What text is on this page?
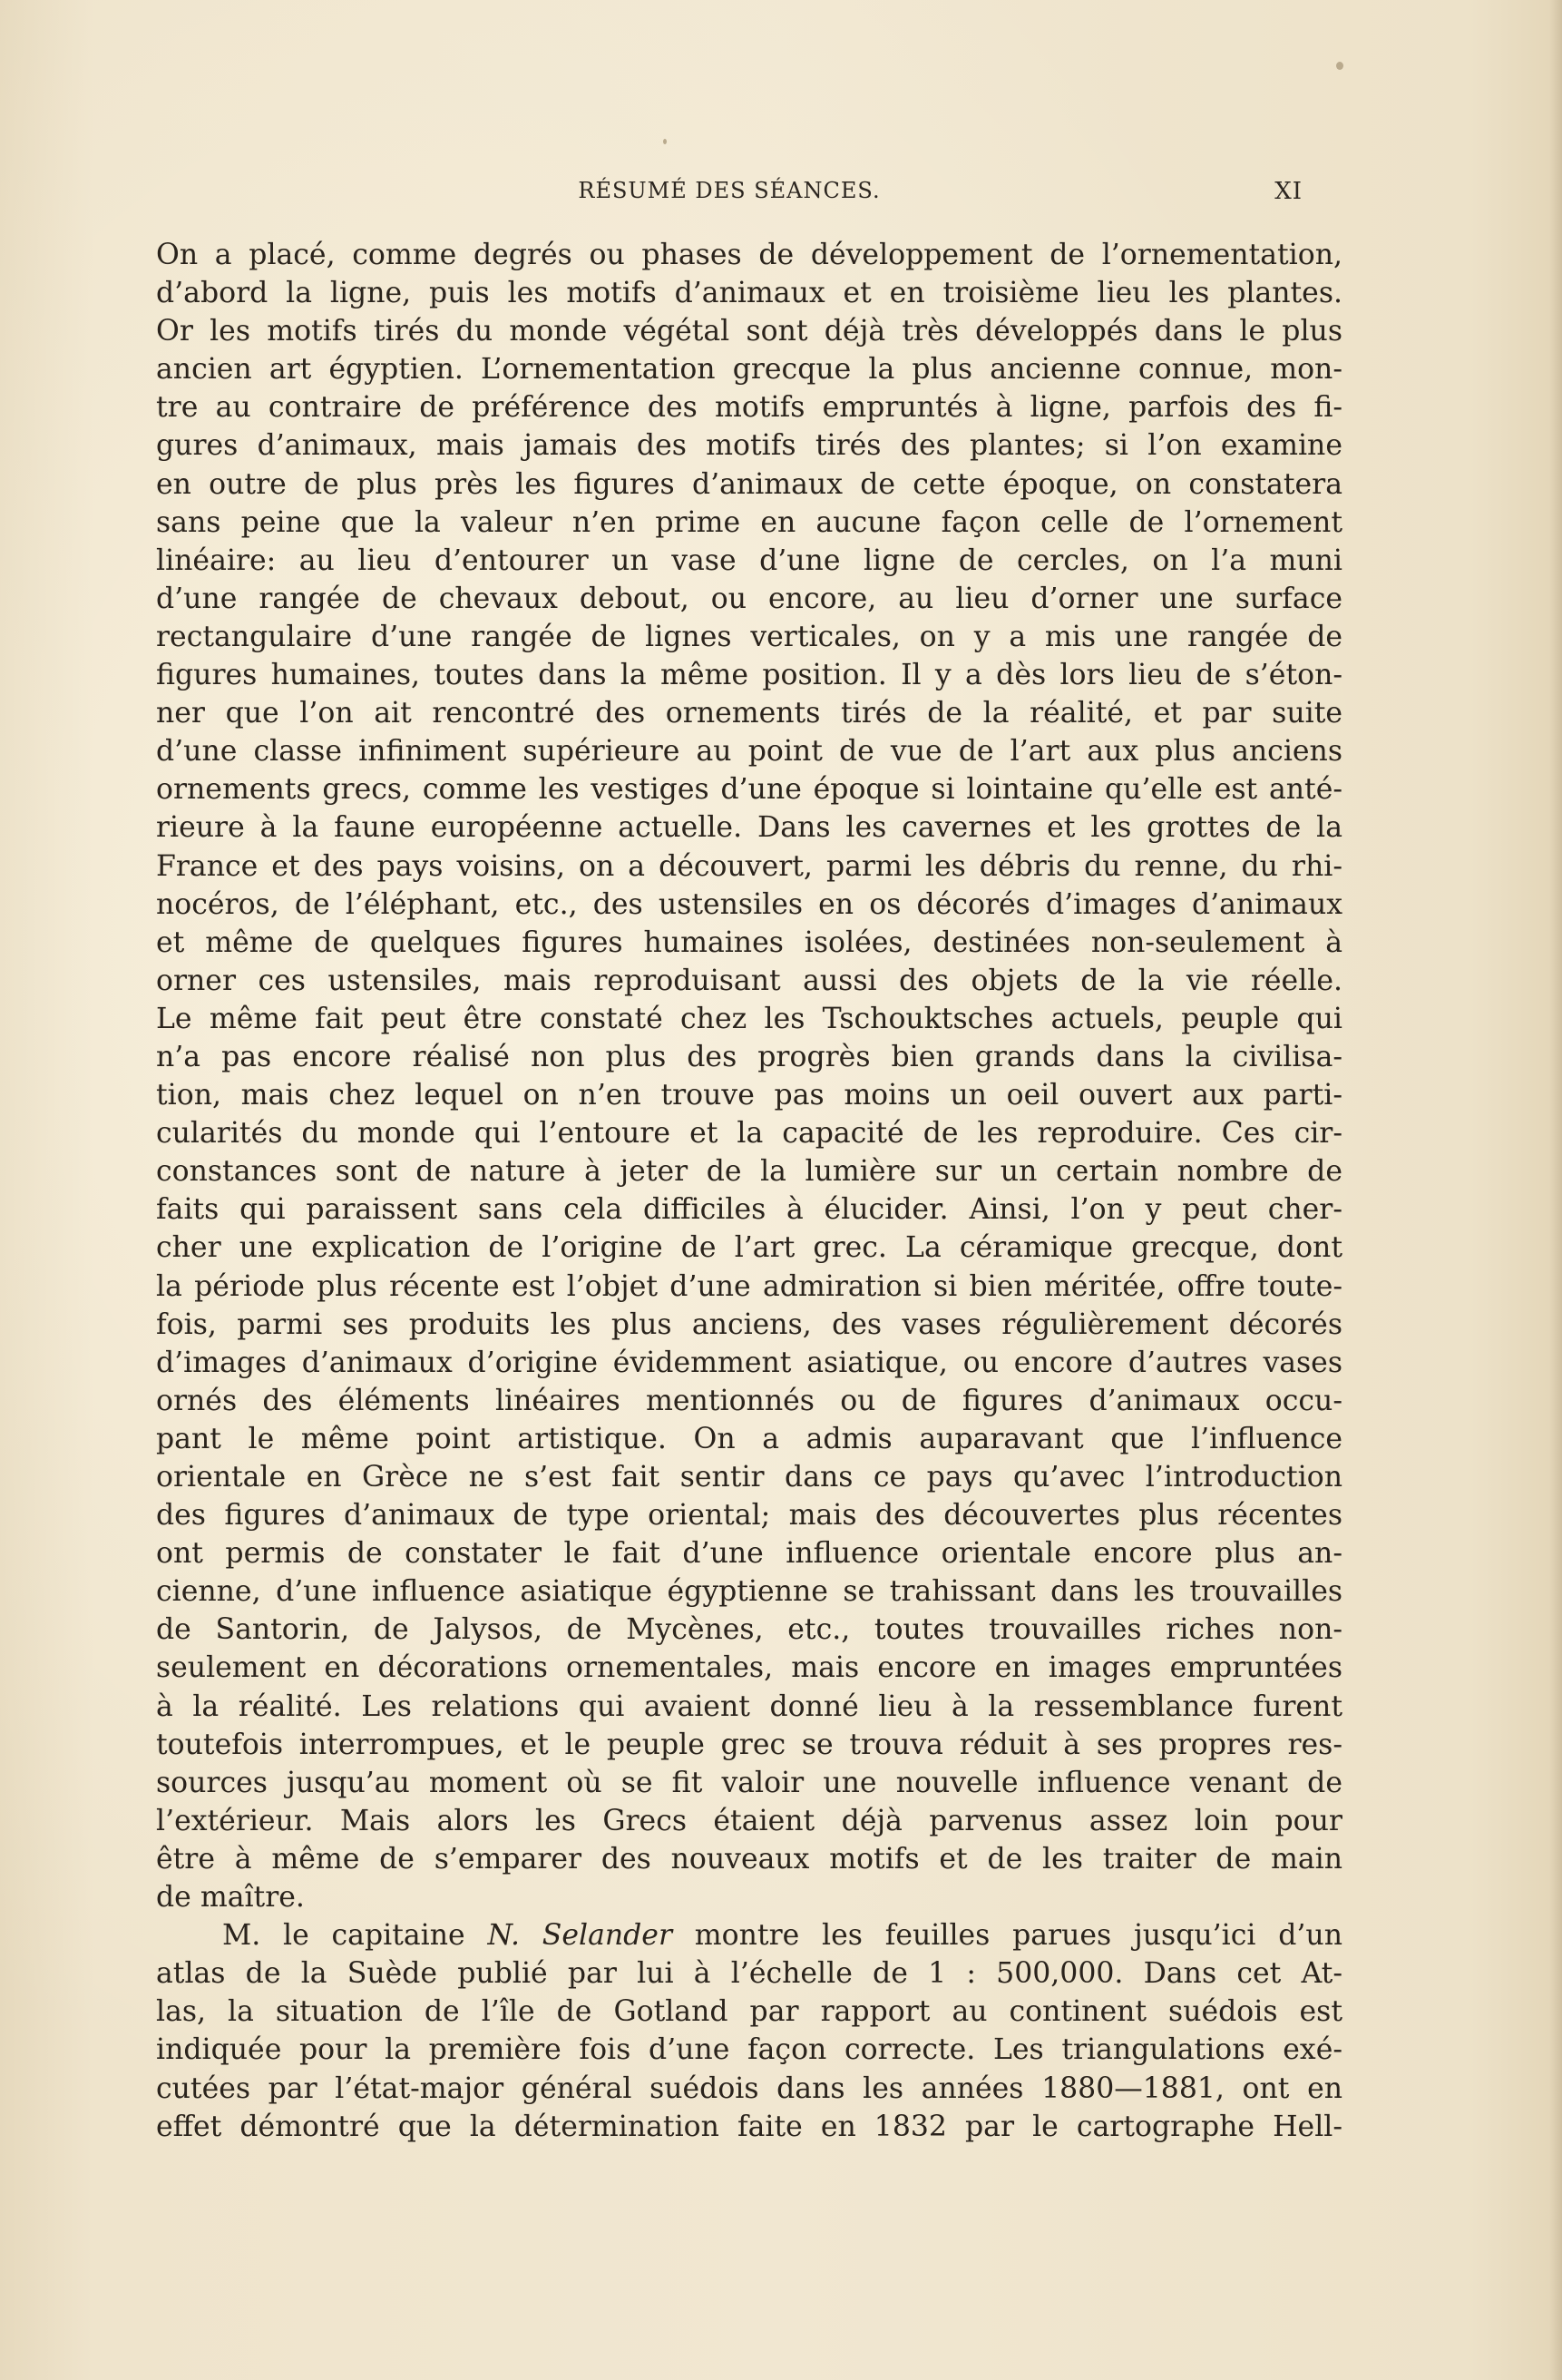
RÉSUMÉ DES SÉANCES.	XI

On a placé, comme degrés ou phases de développement de l’ornementation,
d’abord la ligne, puis les motifs d’animaux et en troisième lieu les plantes.
Or les motifs tirés du monde végétal sont déjà très développés dans le plus
ancien art égyptien. L’ornementation grecque la plus ancienne connue, mon-
tre au contraire de préférence des motifs empruntés à ligne, parfois des fi-
gures d’animaux, mais jamais des motifs tirés des plantes; si l’on examine
en outre de plus près les figures d’animaux de cette époque, on constatera
sans peine que la valeur n’en prime en aucune façon celle de l’ornement
linéaire: au lieu d’entourer un vase d’une ligne de cercles, on l’a muni
d’une rangée de chevaux debout, ou encore, au lieu d’orner une surface
rectangulaire d’une rangée de lignes verticales, on y a mis une rangée de
figures humaines, toutes dans la même position. Il y a dès lors lieu de s’éton-
ner que l’on ait rencontré des ornements tirés de la réalité, et par suite
d’une classe infiniment supérieure au point de vue de l’art aux plus anciens
ornements grecs, comme les vestiges d’une époque si lointaine qu’elle est anté-
rieure à la faune européenne actuelle. Dans les cavernes et les grottes de la
France et des pays voisins, on a découvert, parmi les débris du renne, du rhi-
nocéros, de l’éléphant, etc., des ustensiles en os décorés d’images d’animaux
et même de quelques figures humaines isolées, destinées non-seulement à
orner ces ustensiles, mais reproduisant aussi des objets de la vie réelle.
Le même fait peut être constaté chez les Tschouktsches actuels, peuple qui
n’a pas encore réalisé non plus des progrès bien grands dans la civilisa-
tion, mais chez lequel on n’en trouve pas moins un oeil ouvert aux parti-
cularités du monde qui l’entoure et la capacité de les reproduire. Ces cir-
constances sont de nature à jeter de la lumière sur un certain nombre de
faits qui paraissent sans cela difficiles à élucider. Ainsi, l’on y peut cher-
cher une explication de l’origine de l’art grec. La céramique grecque, dont
la période plus récente est l’objet d’une admiration si bien méritée, offre toute-
fois, parmi ses produits les plus anciens, des vases régulièrement décorés
d’images d’animaux d’origine évidemment asiatique, ou encore d’autres vases
ornés des éléments linéaires mentionnés ou de figures d’animaux occu-
pant le même point artistique. On a admis auparavant que l’influence
orientale en Grèce ne s’est fait sentir dans ce pays qu’avec l’introduction
des figures d’animaux de type oriental; mais des découvertes plus récentes
ont permis de constater le fait d’une influence orientale encore plus an-
cienne, d’une influence asiatique égyptienne se trahissant dans les trouvailles
de Santorin, de Jalysos, de Mycènes, etc., toutes trouvailles riches non-
seulement en décorations ornementales, mais encore en images empruntées
à la réalité. Les relations qui avaient donné lieu à la ressemblance furent
toutefois interrompues, et le peuple grec se trouva réduit à ses propres res-
sources jusqu’au moment où se fit valoir une nouvelle influence venant de
l’extérieur. Mais alors les Grecs étaient déjà parvenus assez loin pour
être à même de s’emparer des nouveaux motifs et de les traiter de main
de maître.

M. le capitaine N. Selander montre les feuilles parues jusqu’ici d’un
atlas de la Suède publié par lui à l’échelle de 1 : 500,000. Dans cet At-
las, la situation de l’île de Gotland par rapport au continent suédois est
indiquée pour la première fois d’une façon correcte. Les triangulations exé-
cutées par l’état-major général suédois dans les années 1880—1881, ont en
effet démontré que la détermination faite en 1832 par le cartographe Hell-
